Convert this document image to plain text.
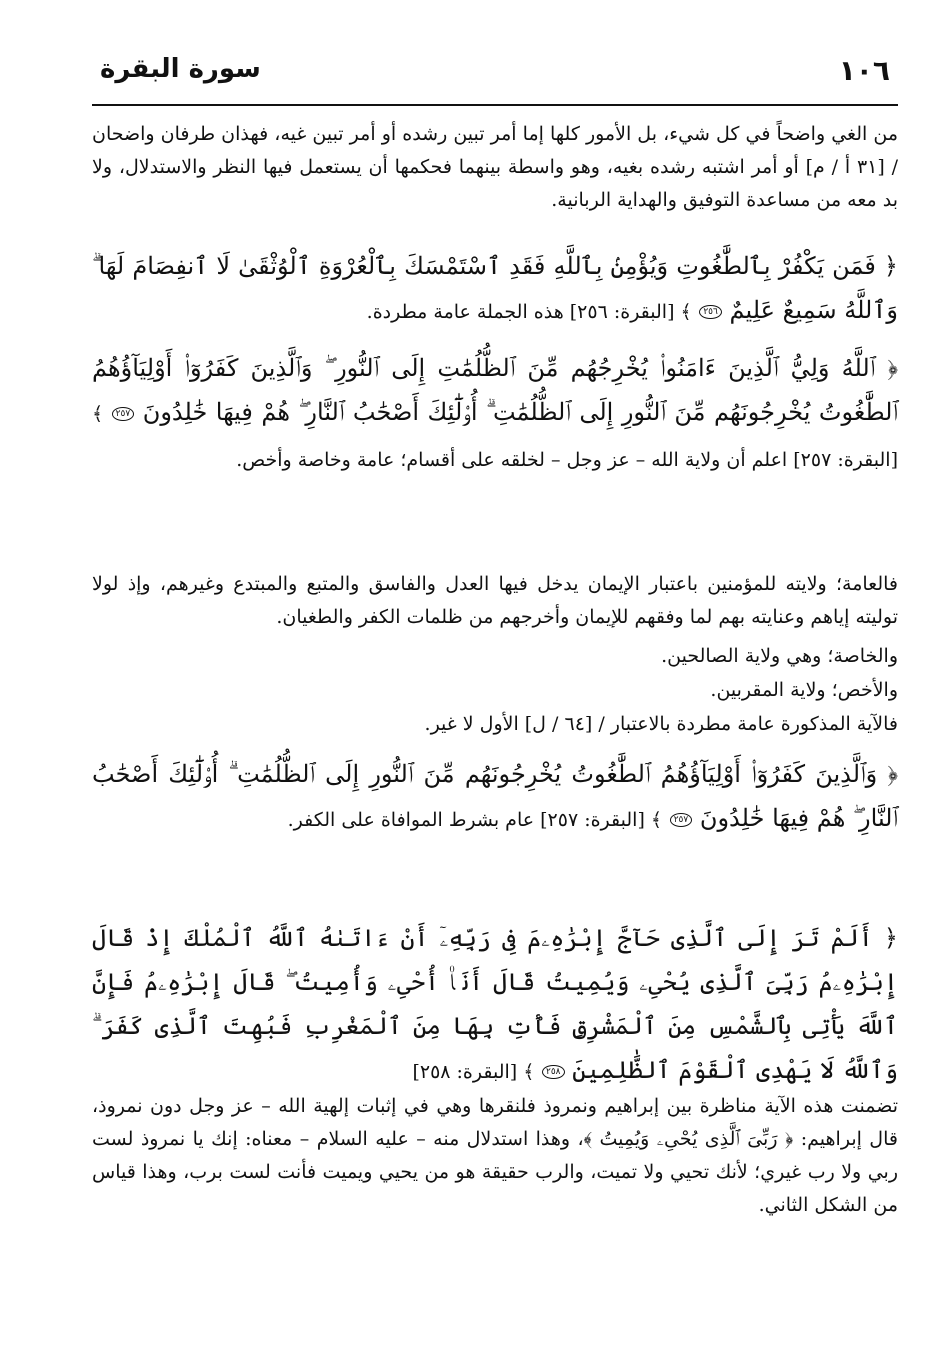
١٠٦
سورة البقرة

من الغي واضحاً في كل شيء، بل الأمور كلها إما أمر تبين رشده أو أمر تبين غيه، فهذان طرفان واضحان / [٣١ أ / م] أو أمر اشتبه رشده بغيه، وهو واسطة بينهما فحكمها أن يستعمل فيها النظر والاستدلال، ولا بد معه من مساعدة التوفيق والهداية الربانية.

﴿ فَمَن يَكْفُرْ بِٱلطَّٰغُوتِ وَيُؤْمِنۢ بِٱللَّهِ فَقَدِ ٱسْتَمْسَكَ بِٱلْعُرْوَةِ ٱلْوُثْقَىٰ لَا ٱنفِصَامَ لَهَا ۗ وَٱللَّهُ سَمِيعٌ عَلِيمٌ ٢٥٦ ﴾ [البقرة: ٢٥٦] هذه الجملة عامة مطردة.

﴿ ٱللَّهُ وَلِيُّ ٱلَّذِينَ ءَامَنُوا۟ يُخْرِجُهُم مِّنَ ٱلظُّلُمَٰتِ إِلَى ٱلنُّورِ ۖ وَٱلَّذِينَ كَفَرُوٓا۟ أَوْلِيَآؤُهُمُ ٱلطَّٰغُوتُ يُخْرِجُونَهُم مِّنَ ٱلنُّورِ إِلَى ٱلظُّلُمَٰتِ ۗ أُو۟لَٰٓئِكَ أَصْحَٰبُ ٱلنَّارِ ۖ هُمْ فِيهَا خَٰلِدُونَ ٢٥٧ ﴾ [البقرة: ٢٥٧] اعلم أن ولاية الله – عز وجل – لخلقه على أقسام؛ عامة وخاصة وأخص.

فالعامة؛ ولايته للمؤمنين باعتبار الإيمان يدخل فيها العدل والفاسق والمتبع والمبتدع وغيرهم، وإذ لولا توليته إياهم وعنايته بهم لما وفقهم للإيمان وأخرجهم من ظلمات الكفر والطغيان.

والخاصة؛ وهي ولاية الصالحين.

والأخص؛ ولاية المقربين.

فالآية المذكورة عامة مطردة بالاعتبار / [٦٤ / ل] الأول لا غير.

﴿ وَٱلَّذِينَ كَفَرُوٓا۟ أَوْلِيَآؤُهُمُ ٱلطَّٰغُوتُ يُخْرِجُونَهُم مِّنَ ٱلنُّورِ إِلَى ٱلظُّلُمَٰتِ ۗ أُو۟لَٰٓئِكَ أَصْحَٰبُ ٱلنَّارِ ۖ هُمْ فِيهَا خَٰلِدُونَ ٢٥٧ ﴾ [البقرة: ٢٥٧] عام بشرط الموافاة على الكفر.

﴿ أَلَمْ تَرَ إِلَى ٱلَّذِى حَآجَّ إِبْرَٰهِۦمَ فِى رَبِّهِۦٓ أَنْ ءَاتَىٰهُ ٱللَّهُ ٱلْمُلْكَ إِذْ قَالَ إِبْرَٰهِۦمُ رَبِّىَ ٱلَّذِى يُحْىِۦ وَيُمِيتُ قَالَ أَنَا۠ أُحْىِۦ وَأُمِيتُ ۖ قَالَ إِبْرَٰهِۦمُ فَإِنَّ ٱللَّهَ يَأْتِى بِٱلشَّمْسِ مِنَ ٱلْمَشْرِقِ فَأْتِ بِهَا مِنَ ٱلْمَغْرِبِ فَبُهِتَ ٱلَّذِى كَفَرَ ۗ وَٱللَّهُ لَا يَهْدِى ٱلْقَوْمَ ٱلظَّٰلِمِينَ ٢٥٨ ﴾ [البقرة: ٢٥٨]

تضمنت هذه الآية مناظرة بين إبراهيم ونمروذ فلنقرها وهي في إثبات إلهية الله – عز وجل دون نمروذ، قال إبراهيم: ﴿ رَبِّىَ ٱلَّذِى يُحْىِۦ وَيُمِيتُ ﴾، وهذا استدلال منه – عليه السلام – معناه: إنك يا نمروذ لست ربي ولا رب غيري؛ لأنك تحيي ولا تميت، والرب حقيقة هو من يحيي ويميت فأنت لست برب، وهذا قياس من الشكل الثاني.
